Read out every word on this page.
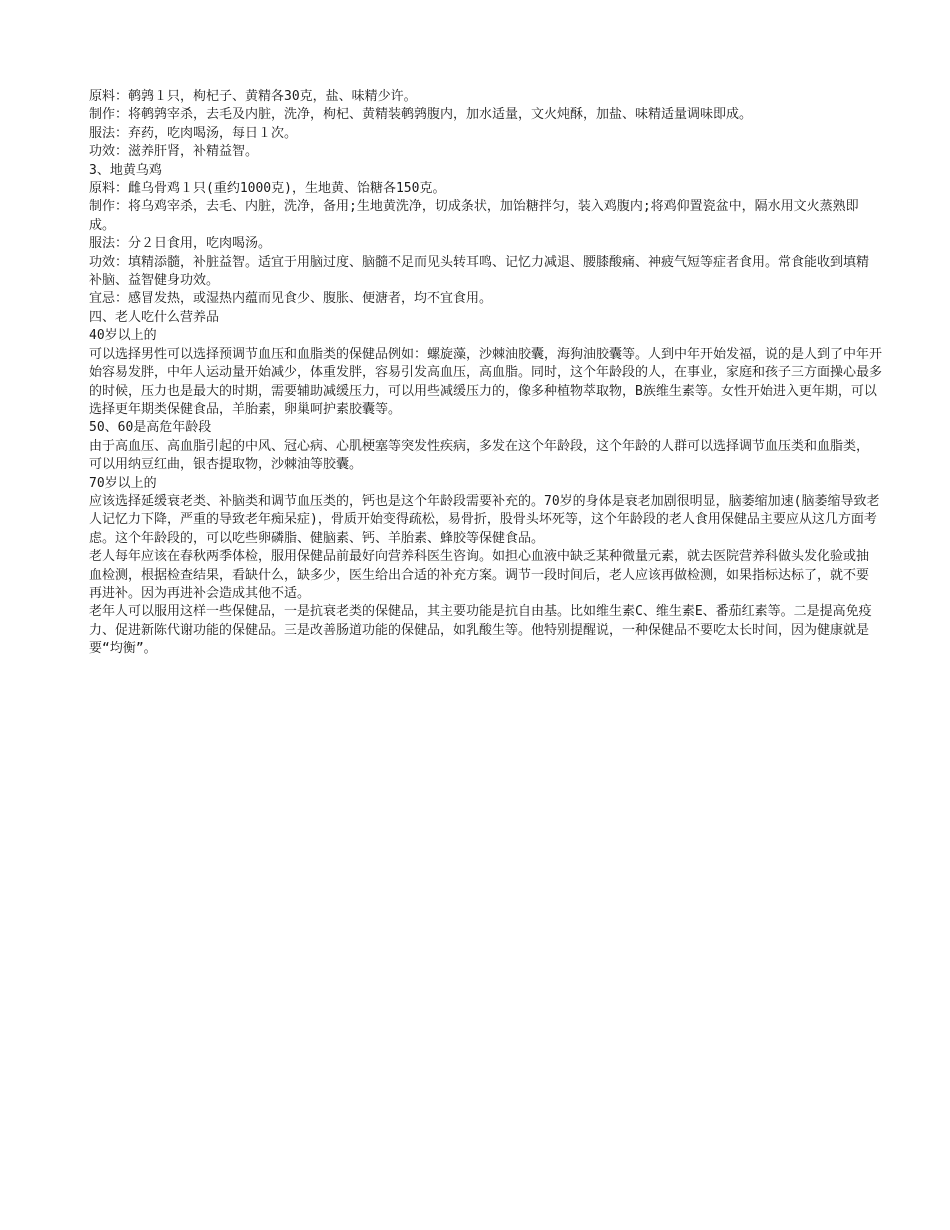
原料：鹌鹑１只，枸杞子、黄精各30克，盐、味精少许。

制作：将鹌鹑宰杀，去毛及内脏，洗净，枸杞、黄精装鹌鹑腹内，加水适量，文火炖酥，加盐、味精适量调味即成。

服法：弃药，吃肉喝汤，每日１次。

功效：滋养肝肾，补精益智。

3、地黄乌鸡

原料：雌乌骨鸡１只(重约1000克)，生地黄、饴糖各150克。

制作：将乌鸡宰杀，去毛、内脏，洗净，备用;生地黄洗净，切成条状，加饴糖拌匀，装入鸡腹内;将鸡仰置瓷盆中，隔水用文火蒸熟即成。

服法：分２日食用，吃肉喝汤。

功效：填精添髓，补脏益智。适宜于用脑过度、脑髓不足而见头转耳鸣、记忆力减退、腰膝酸痛、神疲气短等症者食用。常食能收到填精补脑、益智健身功效。

宜忌：感冒发热，或湿热内蕴而见食少、腹胀、便溏者，均不宜食用。

四、老人吃什么营养品

40岁以上的

可以选择男性可以选择预调节血压和血脂类的保健品例如：螺旋藻，沙棘油胶囊，海狗油胶囊等。人到中年开始发福，说的是人到了中年开始容易发胖，中年人运动量开始减少，体重发胖，容易引发高血压，高血脂。同时，这个年龄段的人，在事业，家庭和孩子三方面操心最多的时候，压力也是最大的时期，需要辅助减缓压力，可以用些减缓压力的，像多种植物萃取物，B族维生素等。女性开始进入更年期，可以选择更年期类保健食品，羊胎素，卵巢呵护素胶囊等。

50、60是高危年龄段

由于高血压、高血脂引起的中风、冠心病、心肌梗塞等突发性疾病，多发在这个年龄段，这个年龄的人群可以选择调节血压类和血脂类，可以用纳豆红曲，银杏提取物，沙棘油等胶囊。

70岁以上的

应该选择延缓衰老类、补脑类和调节血压类的，钙也是这个年龄段需要补充的。70岁的身体是衰老加剧很明显，脑萎缩加速(脑萎缩导致老人记忆力下降，严重的导致老年痴呆症)，骨质开始变得疏松，易骨折，股骨头坏死等，这个年龄段的老人食用保健品主要应从这几方面考虑。这个年龄段的，可以吃些卵磷脂、健脑素、钙、羊胎素、蜂胶等保健食品。

老人每年应该在春秋两季体检，服用保健品前最好向营养科医生咨询。如担心血液中缺乏某种微量元素，就去医院营养科做头发化验或抽血检测，根据检查结果，看缺什么，缺多少，医生给出合适的补充方案。调节一段时间后，老人应该再做检测，如果指标达标了，就不要再进补。因为再进补会造成其他不适。

老年人可以服用这样一些保健品，一是抗衰老类的保健品，其主要功能是抗自由基。比如维生素C、维生素E、番茄红素等。二是提高免疫力、促进新陈代谢功能的保健品。三是改善肠道功能的保健品，如乳酸生等。他特别提醒说，一种保健品不要吃太长时间，因为健康就是要“均衡”。
